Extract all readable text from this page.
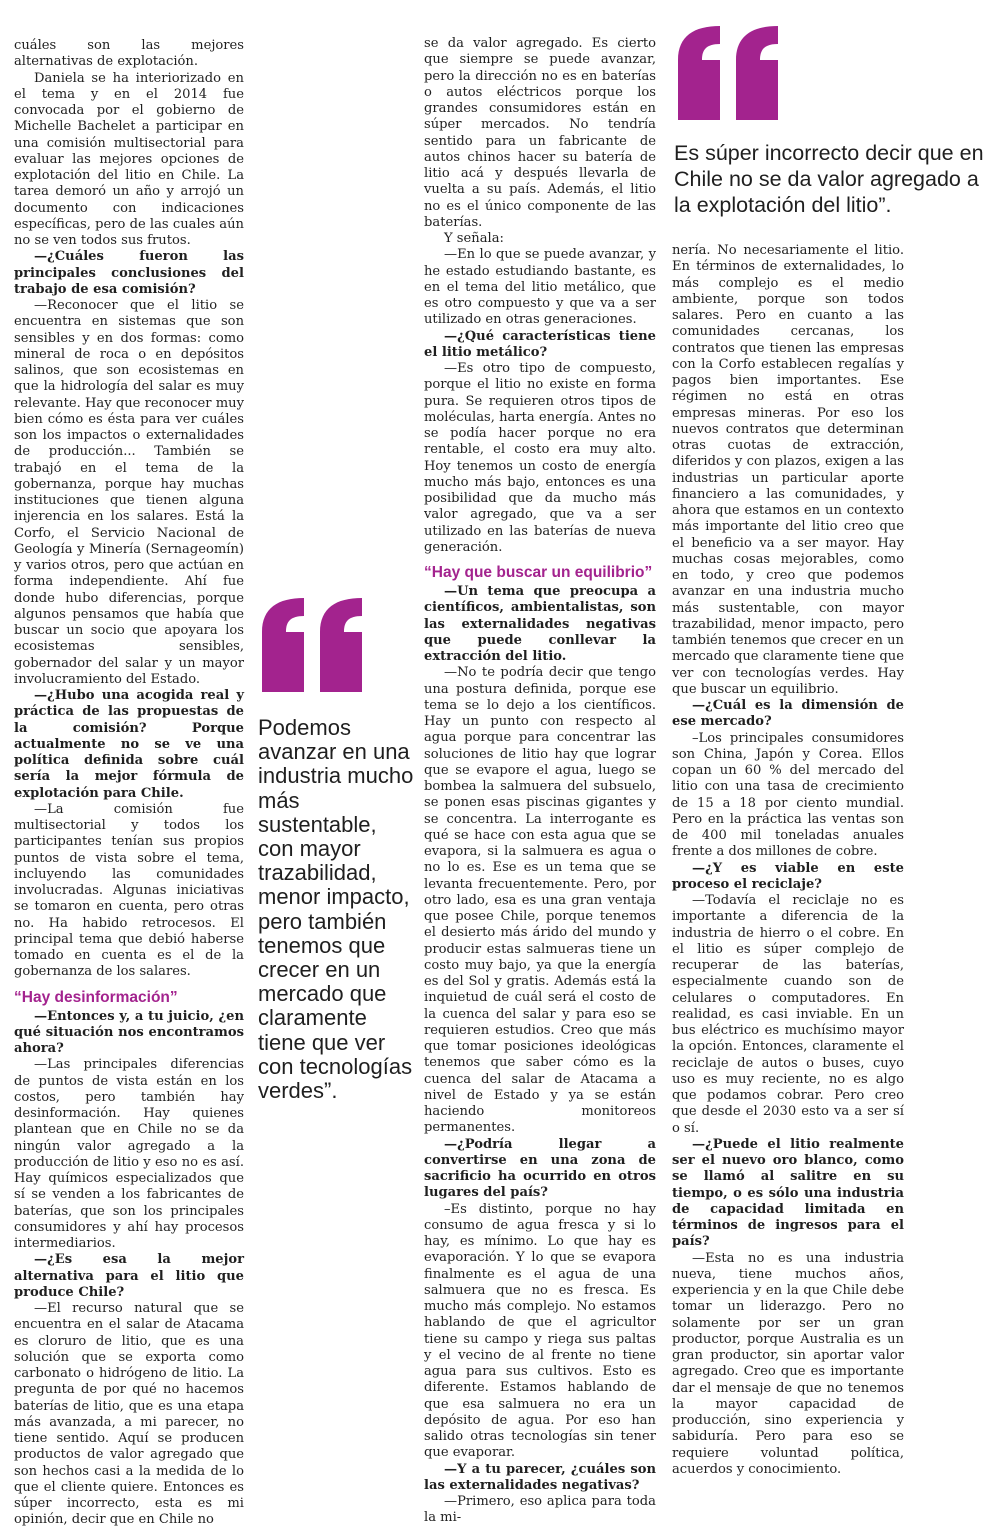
Es súper incorrecto decir que en Chile no se da valor agregado a la explotación del litio”.

Podemos avanzar en una industria mucho más sustentable, con mayor trazabilidad, menor impacto, pero también tenemos que crecer en un mercado que claramente tiene que ver con tecnologías verdes”.

cuáles son las mejores alternativas de explotación.

Daniela se ha interiorizado en el tema y en el 2014 fue convocada por el gobierno de Michelle Bachelet a participar en una comisión multisectorial para evaluar las mejores opciones de explotación del litio en Chile. La tarea demoró un año y arrojó un documento con indicaciones específicas, pero de las cuales aún no se ven todos sus frutos.

—¿Cuáles fueron las principales conclusiones del trabajo de esa comisión?

—Reconocer que el litio se encuentra en sistemas que son sensibles y en dos formas: como mineral de roca o en depósitos salinos, que son ecosistemas en que la hidrología del salar es muy relevante. Hay que reconocer muy bien cómo es ésta para ver cuáles son los impactos o externalidades de producción... También se trabajó en el tema de la gobernanza, porque hay muchas instituciones que tienen alguna injerencia en los salares. Está la Corfo, el Servicio Nacional de Geología y Minería (Sernageomín) y varios otros, pero que actúan en forma independiente. Ahí fue donde hubo diferencias, porque algunos pensamos que había que buscar un socio que apoyara los ecosistemas sensibles, gobernador del salar y un mayor involucramiento del Estado.

—¿Hubo una acogida real y práctica de las propuestas de la comisión? Porque actualmente no se ve una política definida sobre cuál sería la mejor fórmula de explotación para Chile.

—La comisión fue multisectorial y todos los participantes tenían sus propios puntos de vista sobre el tema, incluyendo las comunidades involucradas. Algunas iniciativas se tomaron en cuenta, pero otras no. Ha habido retrocesos. El principal tema que debió haberse tomado en cuenta es el de la gobernanza de los salares.

“Hay desinformación”

—Entonces y, a tu juicio, ¿en qué situación nos encontramos ahora?

—Las principales diferencias de puntos de vista están en los costos, pero también hay desinformación. Hay quienes plantean que en Chile no se da ningún valor agregado a la producción de litio y eso no es así. Hay químicos especializados que sí se venden a los fabricantes de baterías, que son los principales consumidores y ahí hay procesos intermediarios.

—¿Es esa la mejor alternativa para el litio que produce Chile?

—El recurso natural que se encuentra en el salar de Atacama es cloruro de litio, que es una solución que se exporta como carbonato o hidrógeno de litio. La pregunta de por qué no hacemos baterías de litio, que es una etapa más avanzada, a mi parecer, no tiene sentido. Aquí se producen productos de valor agregado que son hechos casi a la medida de lo que el cliente quiere. Entonces es súper incorrecto, esta es mi opinión, decir que en Chile no

se da valor agregado. Es cierto que siempre se puede avanzar, pero la dirección no es en baterías o autos eléctricos porque los grandes consumidores están en súper mercados. No tendría sentido para un fabricante de autos chinos hacer su batería de litio acá y después llevarla de vuelta a su país. Además, el litio no es el único componente de las baterías.

Y señala:

—En lo que se puede avanzar, y he estado estudiando bastante, es en el tema del litio metálico, que es otro compuesto y que va a ser utilizado en otras generaciones.

—¿Qué características tiene el litio metálico?

—Es otro tipo de compuesto, porque el litio no existe en forma pura. Se requieren otros tipos de moléculas, harta energía. Antes no se podía hacer porque no era rentable, el costo era muy alto. Hoy tenemos un costo de energía mucho más bajo, entonces es una posibilidad que da mucho más valor agregado, que va a ser utilizado en las baterías de nueva generación.

“Hay que buscar un equilibrio”

—Un tema que preocupa a científicos, ambientalistas, son las externalidades negativas que puede conllevar la extracción del litio.

—No te podría decir que tengo una postura definida, porque ese tema se lo dejo a los científicos. Hay un punto con respecto al agua porque para concentrar las soluciones de litio hay que lograr que se evapore el agua, luego se bombea la salmuera del subsuelo, se ponen esas piscinas gigantes y se concentra. La interrogante es qué se hace con esta agua que se evapora, si la salmuera es agua o no lo es. Ese es un tema que se levanta frecuentemente. Pero, por otro lado, esa es una gran ventaja que posee Chile, porque tenemos el desierto más árido del mundo y producir estas salmueras tiene un costo muy bajo, ya que la energía es del Sol y gratis. Además está la inquietud de cuál será el costo de la cuenca del salar y para eso se requieren estudios. Creo que más que tomar posiciones ideológicas tenemos que saber cómo es la cuenca del salar de Atacama a nivel de Estado y ya se están haciendo monitoreos permanentes.

—¿Podría llegar a convertirse en una zona de sacrificio ha ocurrido en otros lugares del país?

–Es distinto, porque no hay consumo de agua fresca y si lo hay, es mínimo. Lo que hay es evaporación. Y lo que se evapora finalmente es el agua de una salmuera que no es fresca. Es mucho más complejo. No estamos hablando de que el agricultor tiene su campo y riega sus paltas y el vecino de al frente no tiene agua para sus cultivos. Esto es diferente. Estamos hablando de que esa salmuera no era un depósito de agua. Por eso han salido otras tecnologías sin tener que evaporar.

—Y a tu parecer, ¿cuáles son las externalidades negativas?

—Primero, eso aplica para toda la mi-

nería. No necesariamente el litio. En términos de externalidades, lo más complejo es el medio ambiente, porque son todos salares. Pero en cuanto a las comunidades cercanas, los contratos que tienen las empresas con la Corfo establecen regalías y pagos bien importantes. Ese régimen no está en otras empresas mineras. Por eso los nuevos contratos que determinan otras cuotas de extracción, diferidos y con plazos, exigen a las industrias un particular aporte financiero a las comunidades, y ahora que estamos en un contexto más importante del litio creo que el beneficio va a ser mayor. Hay muchas cosas mejorables, como en todo, y creo que podemos avanzar en una industria mucho más sustentable, con mayor trazabilidad, menor impacto, pero también tenemos que crecer en un mercado que claramente tiene que ver con tecnologías verdes. Hay que buscar un equilibrio.

—¿Cuál es la dimensión de ese mercado?

–Los principales consumidores son China, Japón y Corea. Ellos copan un 60 % del mercado del litio con una tasa de crecimiento de 15 a 18 por ciento mundial. Pero en la práctica las ventas son de 400 mil toneladas anuales frente a dos millones de cobre.

—¿Y es viable en este proceso el reciclaje?

—Todavía el reciclaje no es importante a diferencia de la industria de hierro o el cobre. En el litio es súper complejo de recuperar de las baterías, especialmente cuando son de celulares o computadores. En realidad, es casi inviable. En un bus eléctrico es muchísimo mayor la opción. Entonces, claramente el reciclaje de autos o buses, cuyo uso es muy reciente, no es algo que podamos cobrar. Pero creo que desde el 2030 esto va a ser sí o sí.

—¿Puede el litio realmente ser el nuevo oro blanco, como se llamó al salitre en su tiempo, o es sólo una industria de capacidad limitada en términos de ingresos para el país?

—Esta no es una industria nueva, tiene muchos años, experiencia y en la que Chile debe tomar un liderazgo. Pero no solamente por ser un gran productor, porque Australia es un gran productor, sin aportar valor agregado. Creo que es importante dar el mensaje de que no tenemos la mayor capacidad de producción, sino experiencia y sabiduría. Pero para eso se requiere voluntad política, acuerdos y conocimiento.
